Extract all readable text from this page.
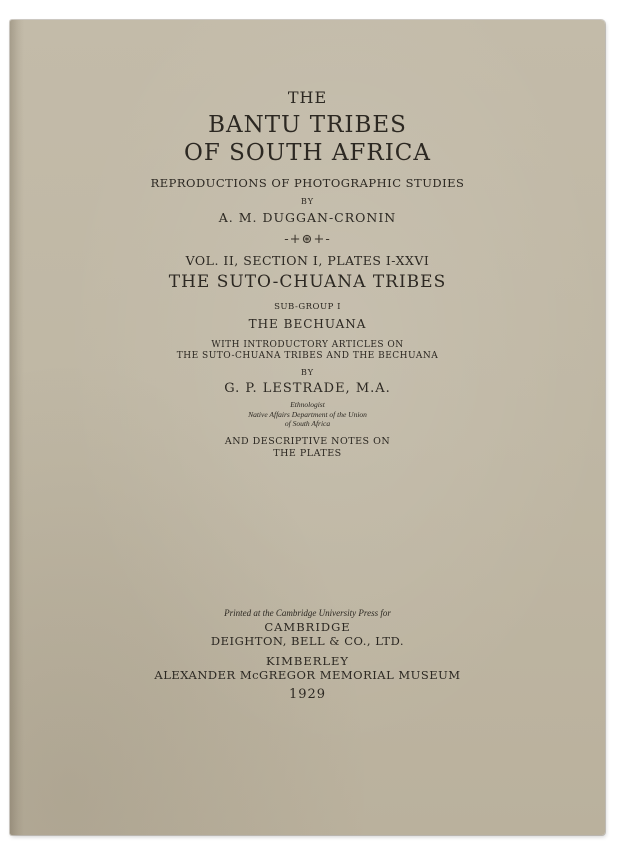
THE
BANTU TRIBES
OF SOUTH AFRICA
REPRODUCTIONS OF PHOTOGRAPHIC STUDIES
BY
A. M. DUGGAN-CRONIN
-+⊛+-
VOL. II, SECTION I, PLATES I-XXVI
THE SUTO-CHUANA TRIBES
SUB-GROUP I
THE BECHUANA
WITH INTRODUCTORY ARTICLES ON
THE SUTO-CHUANA TRIBES AND THE BECHUANA
BY
G. P. LESTRADE, M.A.
Ethnologist
Native Affairs Department of the Union
of South Africa
AND DESCRIPTIVE NOTES ON
THE PLATES
Printed at the Cambridge University Press for
CAMBRIDGE
DEIGHTON, BELL & CO., LTD.
KIMBERLEY
ALEXANDER McGREGOR MEMORIAL MUSEUM
1929
